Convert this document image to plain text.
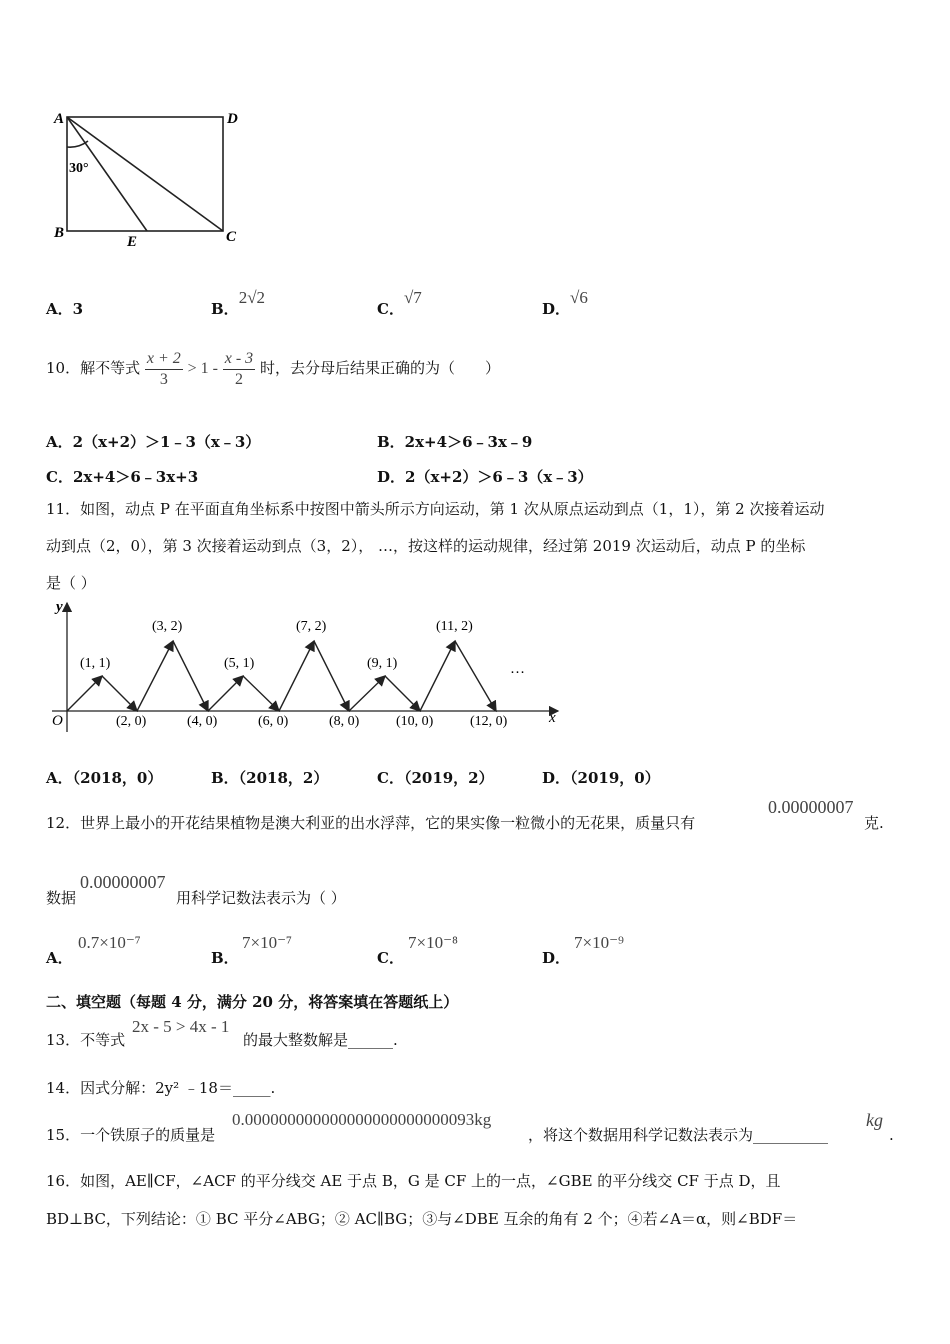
A	D
B	C
E
30°
A．3	B．2√2
C．√7
D．√6
10．解不等式 $\frac{x + 2}{3} > 1 - \frac{x - 3}{2}$ 时，去分母后结果正确的为（　　）
A．2（x+2）＞1﹣3（x﹣3）	B．2x+4＞6﹣3x﹣9
C．2x+4＞6﹣3x+3	D．2（x+2）＞6﹣3（x﹣3）
11．如图，动点 P 在平面直角坐标系中按图中箭头所示方向运动，第 1 次从原点运动到点（1，1），第 2 次接着运动
动到点（2，0），第 3 次接着运动到点（3，2）， …，按这样的运动规律，经过第 2019 次运动后，动点 P 的坐标
是（ ）
y
x
O
(1, 1)
(3, 2)
(5, 1)
(7, 2)
(9, 1)
(11, 2)
(2, 0)	(4, 0)	(6, 0)	(8, 0)	(10, 0)	(12, 0)
…
A．（2018，0）	B．（2018，2）	C．（2019，2）	D．（2019，0）
12．世界上最小的开花结果植物是澳大利亚的出水浮萍，它的果实像一粒微小的无花果，质量只有
0.00000007
克.
数据
0.00000007
用科学记数法表示为（ ）
A．
0.7×10⁻⁷
B．
7×10⁻⁷
C．
7×10⁻⁸
D．
7×10⁻⁹
二、填空题（每题 4 分，满分 20 分，将答案填在答题纸上）
13．不等式
2x - 5 > 4x - 1
的最大整数解是______.
14．因式分解：2y² ﹣18＝_____.
15．一个铁原子的质量是
0.000000000000000000000000093kg
，将这个数据用科学记数法表示为__________
kg
.
16．如图，AE∥CF，∠ACF 的平分线交 AE 于点 B，G 是 CF 上的一点，∠GBE 的平分线交 CF 于点 D，且
BD⊥BC，下列结论：① BC 平分∠ABG；② AC∥BG；③与∠DBE 互余的角有 2 个；④若∠A＝α，则∠BDF＝
